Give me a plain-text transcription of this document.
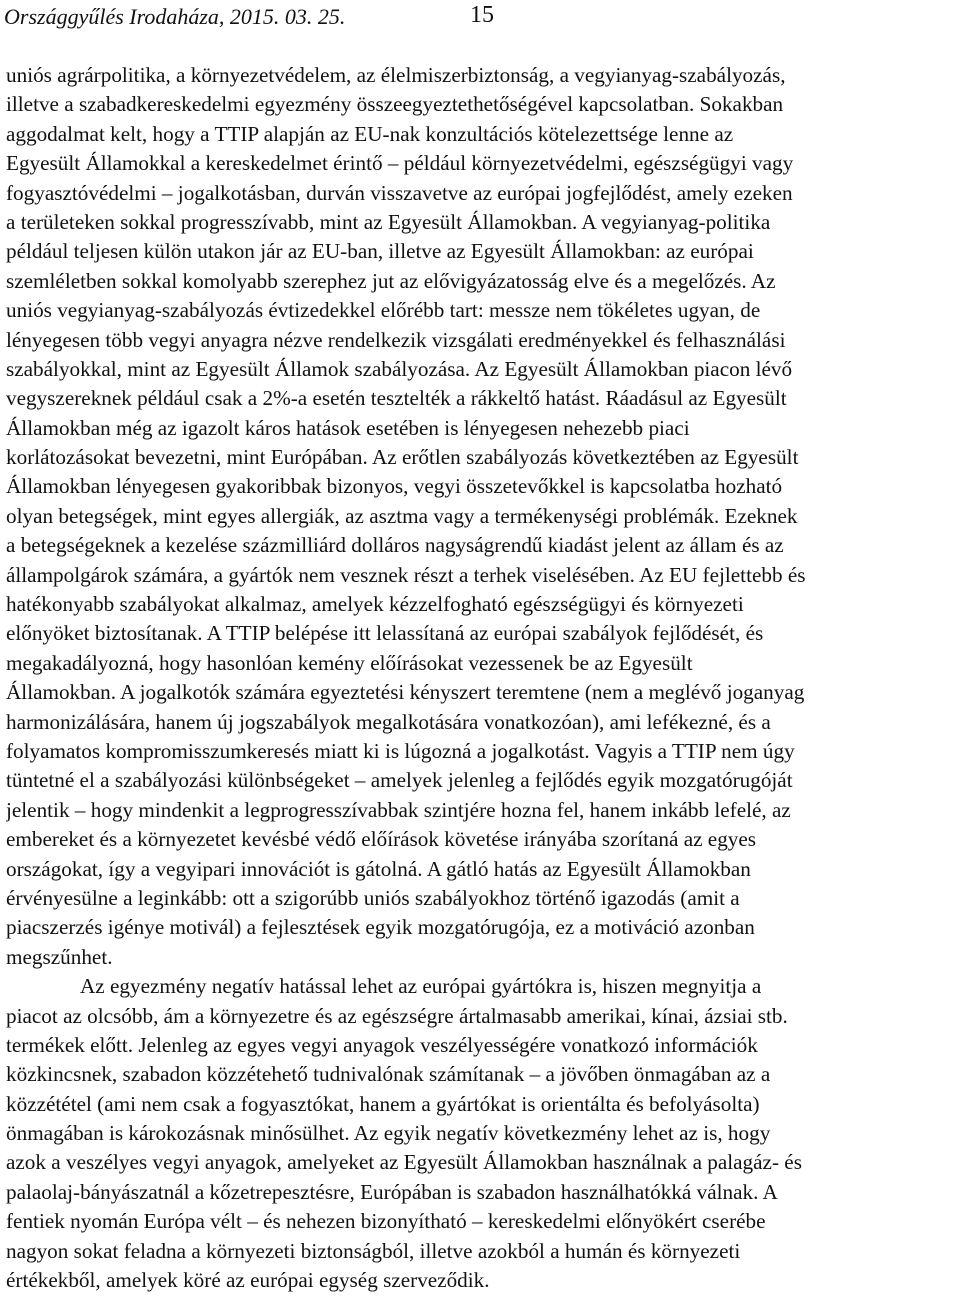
Országgyűlés Irodaháza, 2015. 03. 25.	15
uniós agrárpolitika, a környezetvédelem, az élelmiszerbiztonság, a vegyianyag-szabályozás,
illetve a szabadkereskedelmi egyezmény összeegyeztethetőségével kapcsolatban. Sokakban
aggodalmat kelt, hogy a TTIP alapján az EU-nak konzultációs kötelezettsége lenne az
Egyesült Államokkal a kereskedelmet érintő – például környezetvédelmi, egészségügyi vagy
fogyasztóvédelmi – jogalkotásban, durván visszavetve az európai jogfejlődést, amely ezeken
a területeken sokkal progresszívabb, mint az Egyesült Államokban. A vegyianyag-politika
például teljesen külön utakon jár az EU-ban, illetve az Egyesült Államokban: az európai
szemléletben sokkal komolyabb szerephez jut az elővigyázatosság elve és a megelőzés. Az
uniós vegyianyag-szabályozás évtizedekkel előrébb tart: messze nem tökéletes ugyan, de
lényegesen több vegyi anyagra nézve rendelkezik vizsgálati eredményekkel és felhasználási
szabályokkal, mint az Egyesült Államok szabályozása. Az Egyesült Államokban piacon lévő
vegyszereknek például csak a 2%-a esetén tesztelték a rákkeltő hatást. Ráadásul az Egyesült
Államokban még az igazolt káros hatások esetében is lényegesen nehezebb piaci
korlátozásokat bevezetni, mint Európában. Az erőtlen szabályozás következtében az Egyesült
Államokban lényegesen gyakoribbak bizonyos, vegyi összetevőkkel is kapcsolatba hozható
olyan betegségek, mint egyes allergiák, az asztma vagy a termékenységi problémák. Ezeknek
a betegségeknek a kezelése százmilliárd dolláros nagyságrendű kiadást jelent az állam és az
állampolgárok számára, a gyártók nem vesznek részt a terhek viselésében. Az EU fejlettebb és
hatékonyabb szabályokat alkalmaz, amelyek kézzelfogható egészségügyi és környezeti
előnyöket biztosítanak. A TTIP belépése itt lelassítaná az európai szabályok fejlődését, és
megakadályozná, hogy hasonlóan kemény előírásokat vezessenek be az Egyesült
Államokban. A jogalkotók számára egyeztetési kényszert teremtene (nem a meglévő joganyag
harmonizálására, hanem új jogszabályok megalkotására vonatkozóan), ami lefékezné, és a
folyamatos kompromisszumkeresés miatt ki is lúgozná a jogalkotást. Vagyis a TTIP nem úgy
tüntetné el a szabályozási különbségeket – amelyek jelenleg a fejlődés egyik mozgatórugóját
jelentik – hogy mindenkit a legprogresszívabbak szintjére hozna fel, hanem inkább lefelé, az
embereket és a környezetet kevésbé védő előírások követése irányába szorítaná az egyes
országokat, így a vegyipari innovációt is gátolná. A gátló hatás az Egyesült Államokban
érvényesülne a leginkább: ott a szigorúbb uniós szabályokhoz történő igazodás (amit a
piacszerzés igénye motivál) a fejlesztések egyik mozgatórugója, ez a motiváció azonban
megszűnhet.
Az egyezmény negatív hatással lehet az európai gyártókra is, hiszen megnyitja a
piacot az olcsóbb, ám a környezetre és az egészségre ártalmasabb amerikai, kínai, ázsiai stb.
termékek előtt. Jelenleg az egyes vegyi anyagok veszélyességére vonatkozó információk
közkincsnek, szabadon közzétehető tudnivalónak számítanak – a jövőben önmagában az a
közzététel (ami nem csak a fogyasztókat, hanem a gyártókat is orientálta és befolyásolta)
önmagában is károkozásnak minősülhet. Az egyik negatív következmény lehet az is, hogy
azok a veszélyes vegyi anyagok, amelyeket az Egyesült Államokban használnak a palagáz- és
palaolaj-bányászatnál a kőzetrepesztésre, Európában is szabadon használhatókká válnak. A
fentiek nyomán Európa vélt – és nehezen bizonyítható – kereskedelmi előnyökért cserébe
nagyon sokat feladna a környezeti biztonságból, illetve azokból a humán és környezeti
értékekből, amelyek köré az európai egység szerveződik.
